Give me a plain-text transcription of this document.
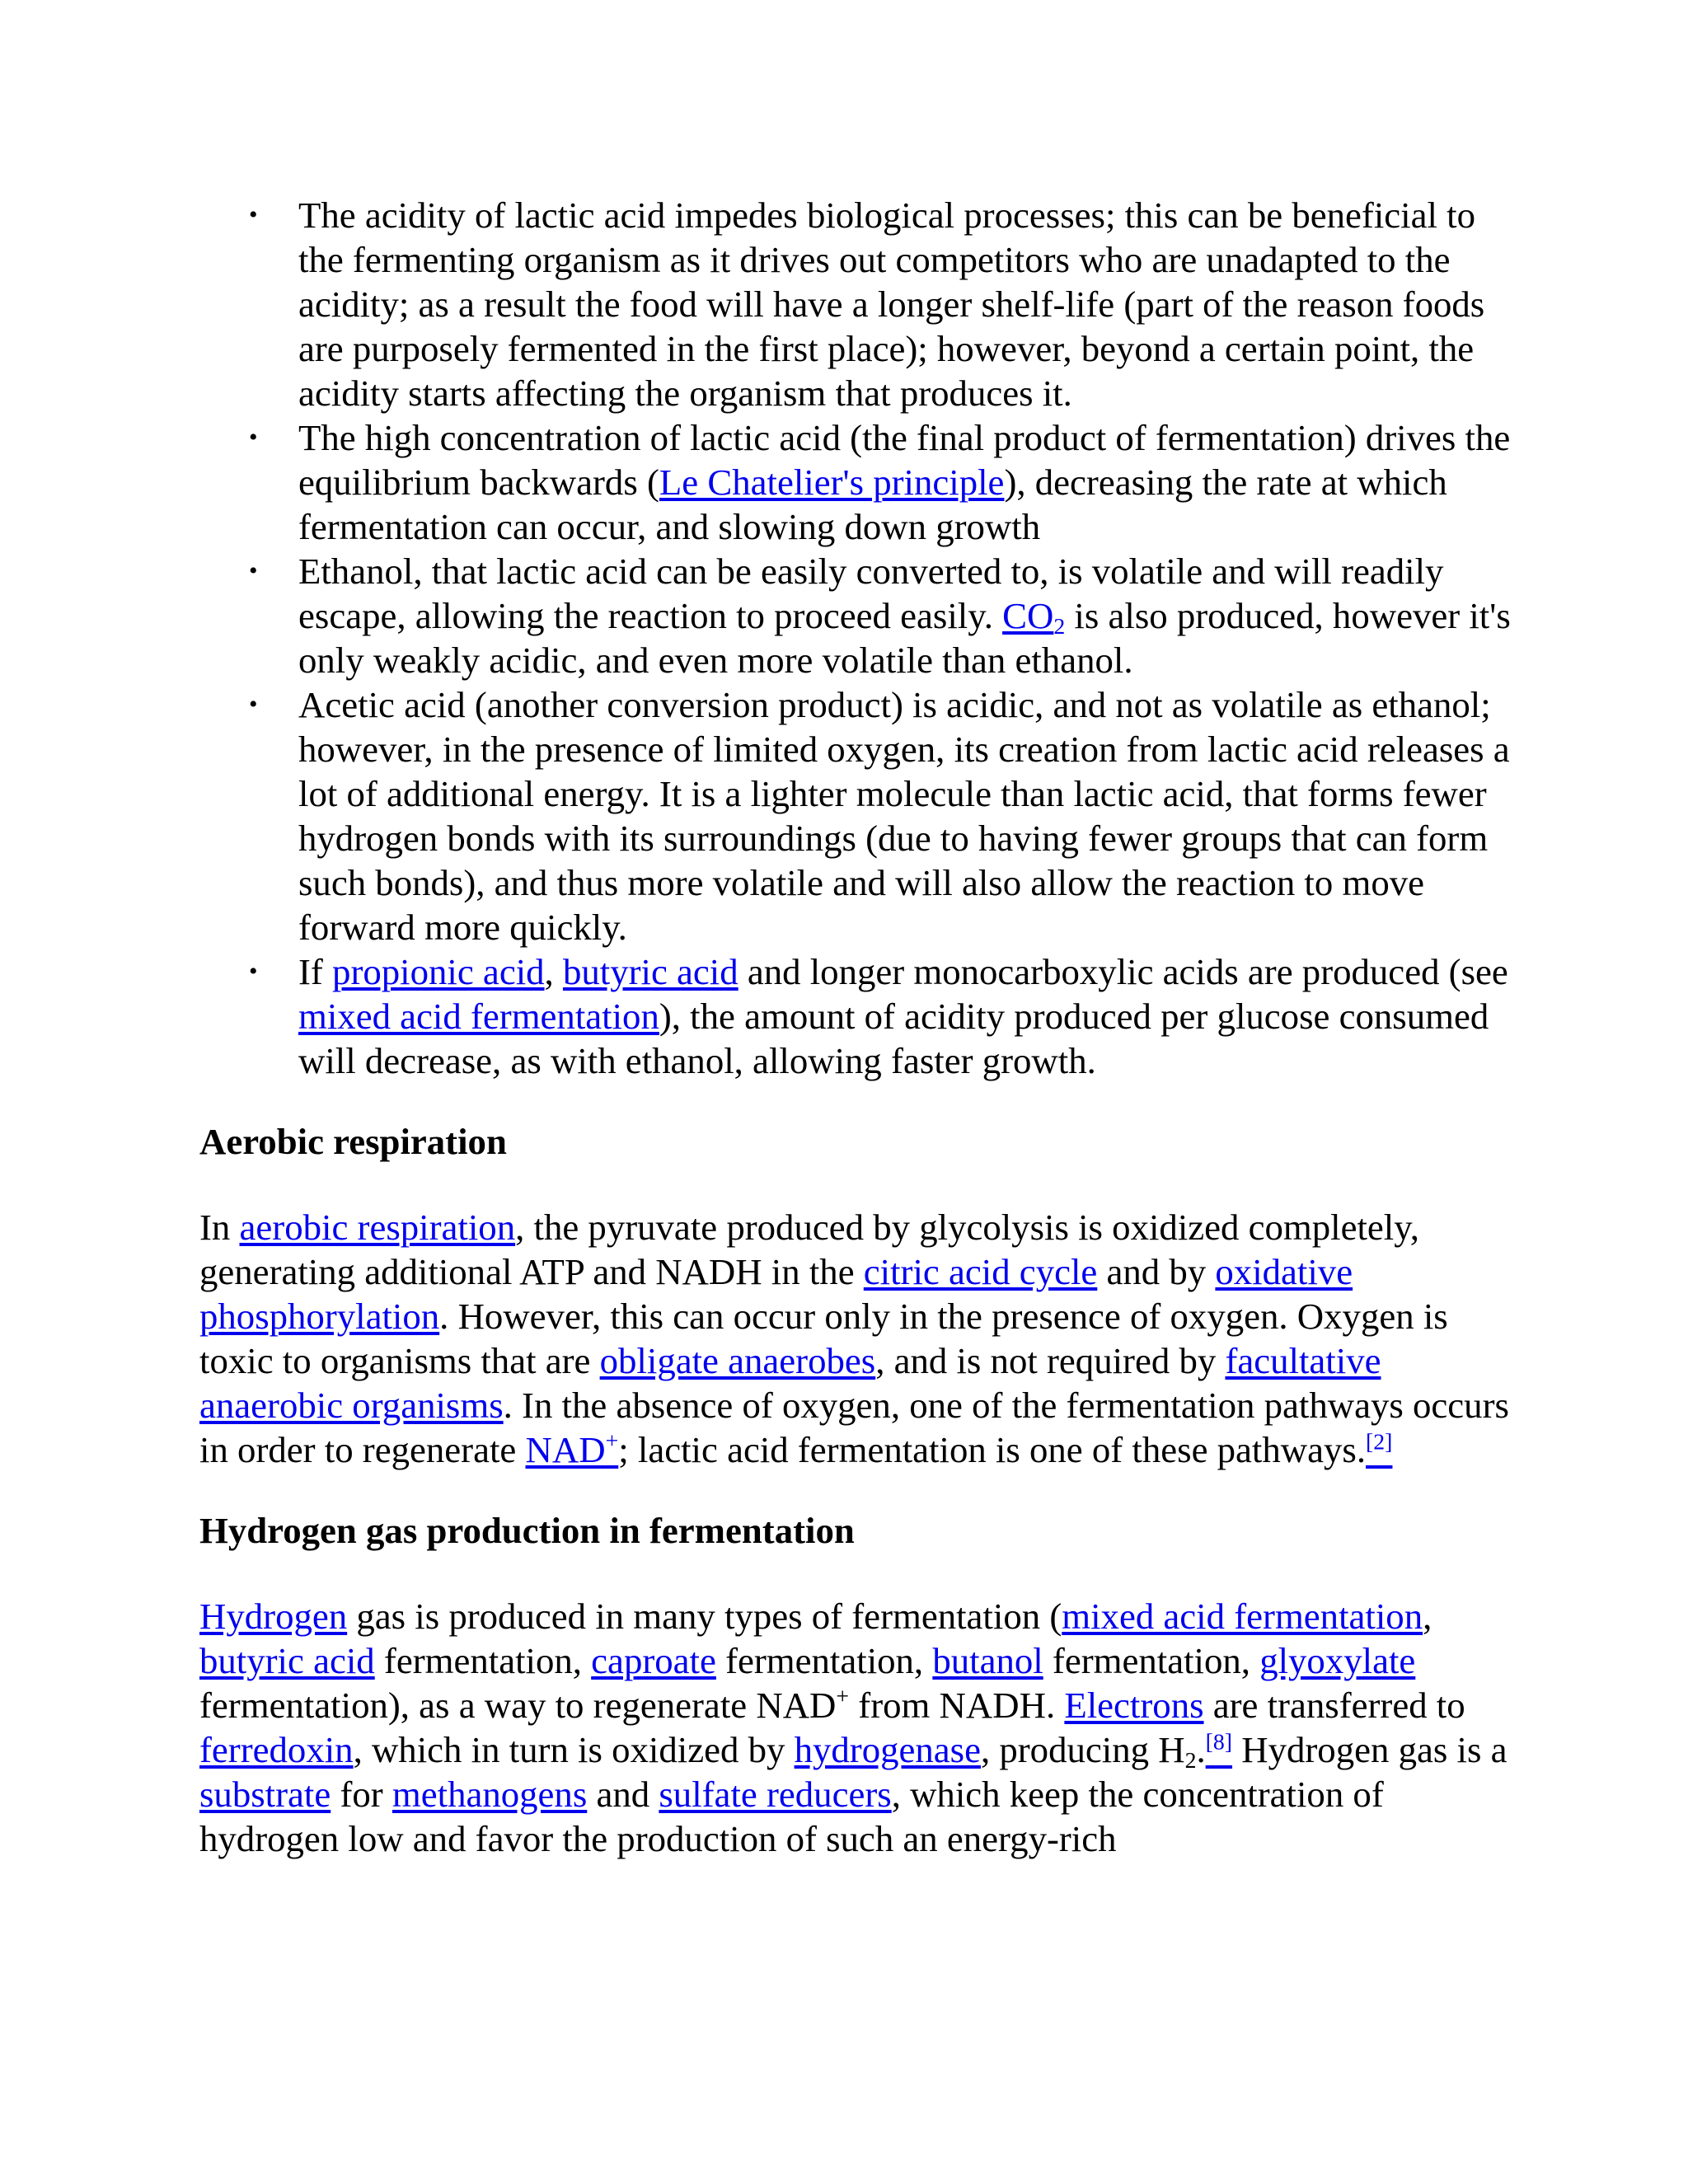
• The acidity of lactic acid impedes biological processes; this can be beneficial to the fermenting organism as it drives out competitors who are unadapted to the acidity; as a result the food will have a longer shelf-life (part of the reason foods are purposely fermented in the first place); however, beyond a certain point, the acidity starts affecting the organism that produces it.
• The high concentration of lactic acid (the final product of fermentation) drives the equilibrium backwards (Le Chatelier's principle), decreasing the rate at which fermentation can occur, and slowing down growth
• Ethanol, that lactic acid can be easily converted to, is volatile and will readily escape, allowing the reaction to proceed easily. $CO_2$ is also produced, however it's only weakly acidic, and even more volatile than ethanol.
• Acetic acid (another conversion product) is acidic, and not as volatile as ethanol; however, in the presence of limited oxygen, its creation from lactic acid releases a lot of additional energy. It is a lighter molecule than lactic acid, that forms fewer hydrogen bonds with its surroundings (due to having fewer groups that can form such bonds), and thus more volatile and will also allow the reaction to move forward more quickly.
• If propionic acid, butyric acid and longer monocarboxylic acids are produced (see mixed acid fermentation), the amount of acidity produced per glucose consumed will decrease, as with ethanol, allowing faster growth.
Aerobic respiration

In aerobic respiration, the pyruvate produced by glycolysis is oxidized completely, generating additional ATP and NADH in the citric acid cycle and by oxidative phosphorylation. However, this can occur only in the presence of oxygen. Oxygen is toxic to organisms that are obligate anaerobes, and is not required by facultative anaerobic organisms. In the absence of oxygen, one of the fermentation pathways occurs in order to regenerate NAD+; lactic acid fermentation is one of these pathways.[2]

Hydrogen gas production in fermentation

Hydrogen gas is produced in many types of fermentation (mixed acid fermentation, butyric acid fermentation, caproate fermentation, butanol fermentation, glyoxylate fermentation), as a way to regenerate NAD+ from NADH. Electrons are transferred to ferredoxin, which in turn is oxidized by hydrogenase, producing $H_2.[8]$ Hydrogen gas is a substrate for methanogens and sulfate reducers, which keep the concentration of hydrogen low and favor the production of such an energy-rich
